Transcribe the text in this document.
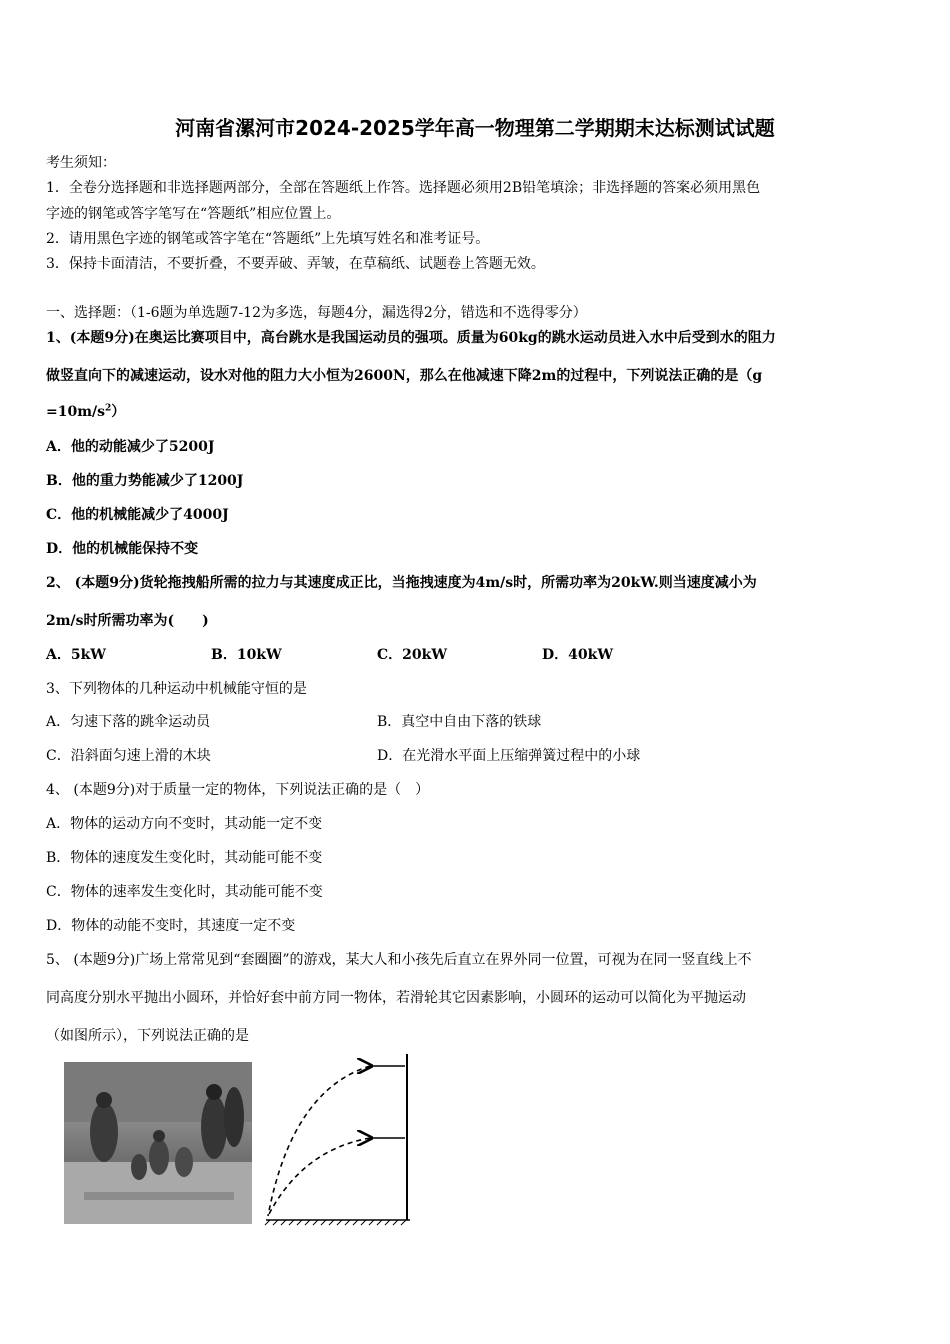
河南省漯河市2024-2025学年高一物理第二学期期末达标测试试题
考生须知：
1．全卷分选择题和非选择题两部分，全部在答题纸上作答。选择题必须用2B铅笔填涂；非选择题的答案必须用黑色
字迹的钢笔或答字笔写在“答题纸”相应位置上。
2．请用黑色字迹的钢笔或答字笔在“答题纸”上先填写姓名和准考证号。
3．保持卡面清洁，不要折叠，不要弄破、弄皱，在草稿纸、试题卷上答题无效。
一、选择题：（1-6题为单选题7-12为多选，每题4分，漏选得2分，错选和不选得零分）
1、(本题9分)在奥运比赛项目中，高台跳水是我国运动员的强项。质量为60kg的跳水运动员进入水中后受到水的阻力
做竖直向下的减速运动，设水对他的阻力大小恒为2600N，那么在他减速下降2m的过程中，下列说法正确的是（g
$=10m/s^2$）
A．他的动能减少了5200J
B．他的重力势能减少了1200J
C．他的机械能减少了4000J
D．他的机械能保持不变
2、 (本题9分)货轮拖拽船所需的拉力与其速度成正比，当拖拽速度为4m/s时，所需功率为20kW.则当速度减小为
2m/s时所需功率为(　　)
A．5kW	B．10kW	C．20kW	D．40kW
3、下列物体的几种运动中机械能守恒的是
A．匀速下落的跳伞运动员	B．真空中自由下落的铁球
C．沿斜面匀速上滑的木块	D．在光滑水平面上压缩弹簧过程中的小球
4、 (本题9分)对于质量一定的物体，下列说法正确的是（　）
A．物体的运动方向不变时，其动能一定不变
B．物体的速度发生变化时，其动能可能不变
C．物体的速率发生变化时，其动能可能不变
D．物体的动能不变时，其速度一定不变
5、 (本题9分)广场上常常见到“套圈圈”的游戏，某大人和小孩先后直立在界外同一位置，可视为在同一竖直线上不
同高度分别水平抛出小圆环，并恰好套中前方同一物体，若滑轮其它因素影响，小圆环的运动可以简化为平抛运动
（如图所示），下列说法正确的是
